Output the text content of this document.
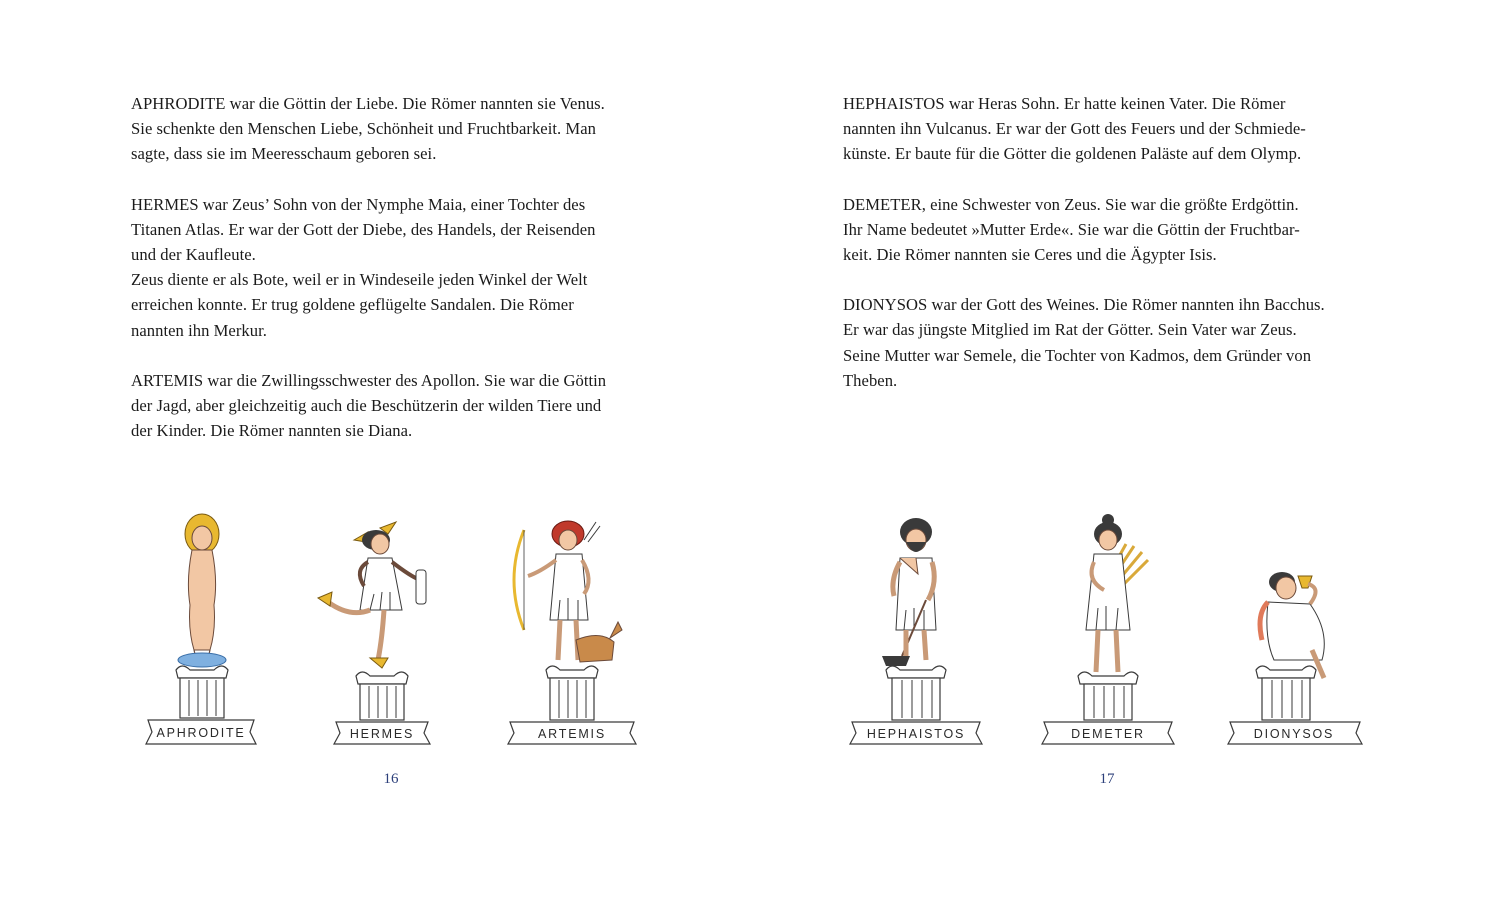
APHRODITE war die Göttin der Liebe. Die Römer nannten sie Venus.
Sie schenkte den Menschen Liebe, Schönheit und Fruchtbarkeit. Man
sagte, dass sie im Meeresschaum geboren sei.

HERMES war Zeus’ Sohn von der Nymphe Maia, einer Tochter des
Titanen Atlas. Er war der Gott der Diebe, des Handels, der Reisenden
und der Kaufleute.
Zeus diente er als Bote, weil er in Windeseile jeden Winkel der Welt
erreichen konnte. Er trug goldene geflügelte Sandalen. Die Römer
nannten ihn Merkur.

ARTEMIS war die Zwillingsschwester des Apollon. Sie war die Göttin
der Jagd, aber gleichzeitig auch die Beschützerin der wilden Tiere und
der Kinder. Die Römer nannten sie Diana.

APHRODITE	HERMES	ARTEMIS
16

HEPHAISTOS war Heras Sohn. Er hatte keinen Vater. Die Römer
nannten ihn Vulcanus. Er war der Gott des Feuers und der Schmiede-
künste. Er baute für die Götter die goldenen Paläste auf dem Olymp.

DEMETER, eine Schwester von Zeus. Sie war die größte Erdgöttin.
Ihr Name bedeutet »Mutter Erde«. Sie war die Göttin der Fruchtbar-
keit. Die Römer nannten sie Ceres und die Ägypter Isis.

DIONYSOS war der Gott des Weines. Die Römer nannten ihn Bacchus.
Er war das jüngste Mitglied im Rat der Götter. Sein Vater war Zeus.
Seine Mutter war Semele, die Tochter von Kadmos, dem Gründer von
Theben.

HEPHAISTOS	DEMETER	DIONYSOS
17
